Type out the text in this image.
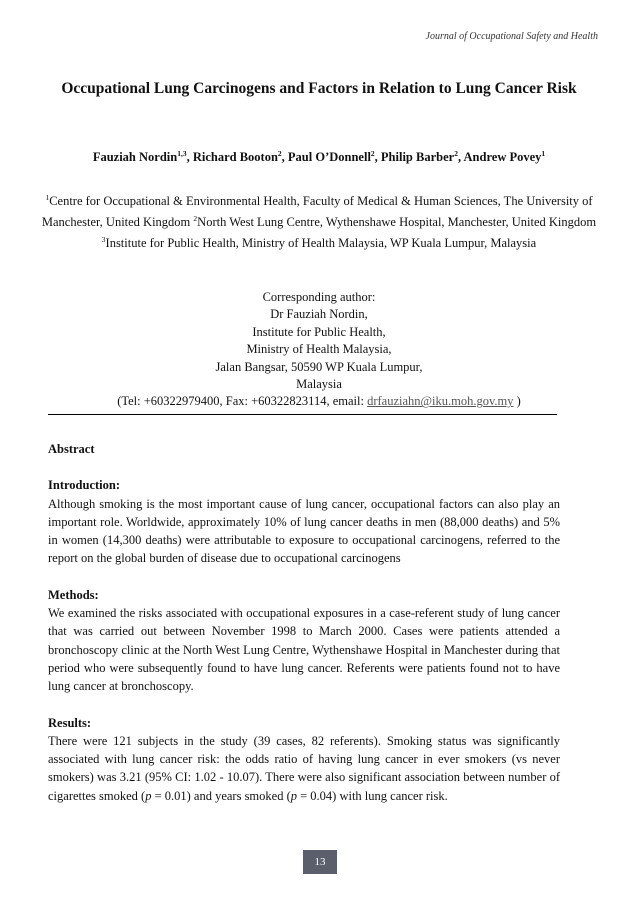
Journal of Occupational Safety and Health
Occupational Lung Carcinogens and Factors in Relation to Lung Cancer Risk
Fauziah Nordin$^{1,3}$, Richard Booton$^2$, Paul O’Donnell$^2$, Philip Barber$^2$, Andrew Povey$^1$
$^1$Centre for Occupational & Environmental Health, Faculty of Medical & Human Sciences, The University of Manchester, United Kingdom $^2$North West Lung Centre, Wythenshawe Hospital, Manchester, United Kingdom $^3$Institute for Public Health, Ministry of Health Malaysia, WP Kuala Lumpur, Malaysia
Corresponding author:
Dr Fauziah Nordin,
Institute for Public Health,
Ministry of Health Malaysia,
Jalan Bangsar, 50590 WP Kuala Lumpur,
Malaysia
(Tel: +60322979400, Fax: +60322823114, email: drfauziahn@iku.moh.gov.my )
Abstract
Introduction:

Although smoking is the most important cause of lung cancer, occupational factors can also play an important role. Worldwide, approximately 10% of lung cancer deaths in men (88,000 deaths) and 5% in women (14,300 deaths) were attributable to exposure to occupational carcinogens, referred to the report on the global burden of disease due to occupational carcinogens

Methods:

We examined the risks associated with occupational exposures in a case-referent study of lung cancer that was carried out between November 1998 to March 2000. Cases were patients attended a bronchoscopy clinic at the North West Lung Centre, Wythenshawe Hospital in Manchester during that period who were subsequently found to have lung cancer. Referents were patients found not to have lung cancer at bronchoscopy.

Results:

There were 121 subjects in the study (39 cases, 82 referents). Smoking status was significantly associated with lung cancer risk: the odds ratio of having lung cancer in ever smokers (vs never smokers) was 3.21 (95% CI: 1.02 - 10.07). There were also significant association between number of cigarettes smoked (p = 0.01) and years smoked (p = 0.04) with lung cancer risk.

13
